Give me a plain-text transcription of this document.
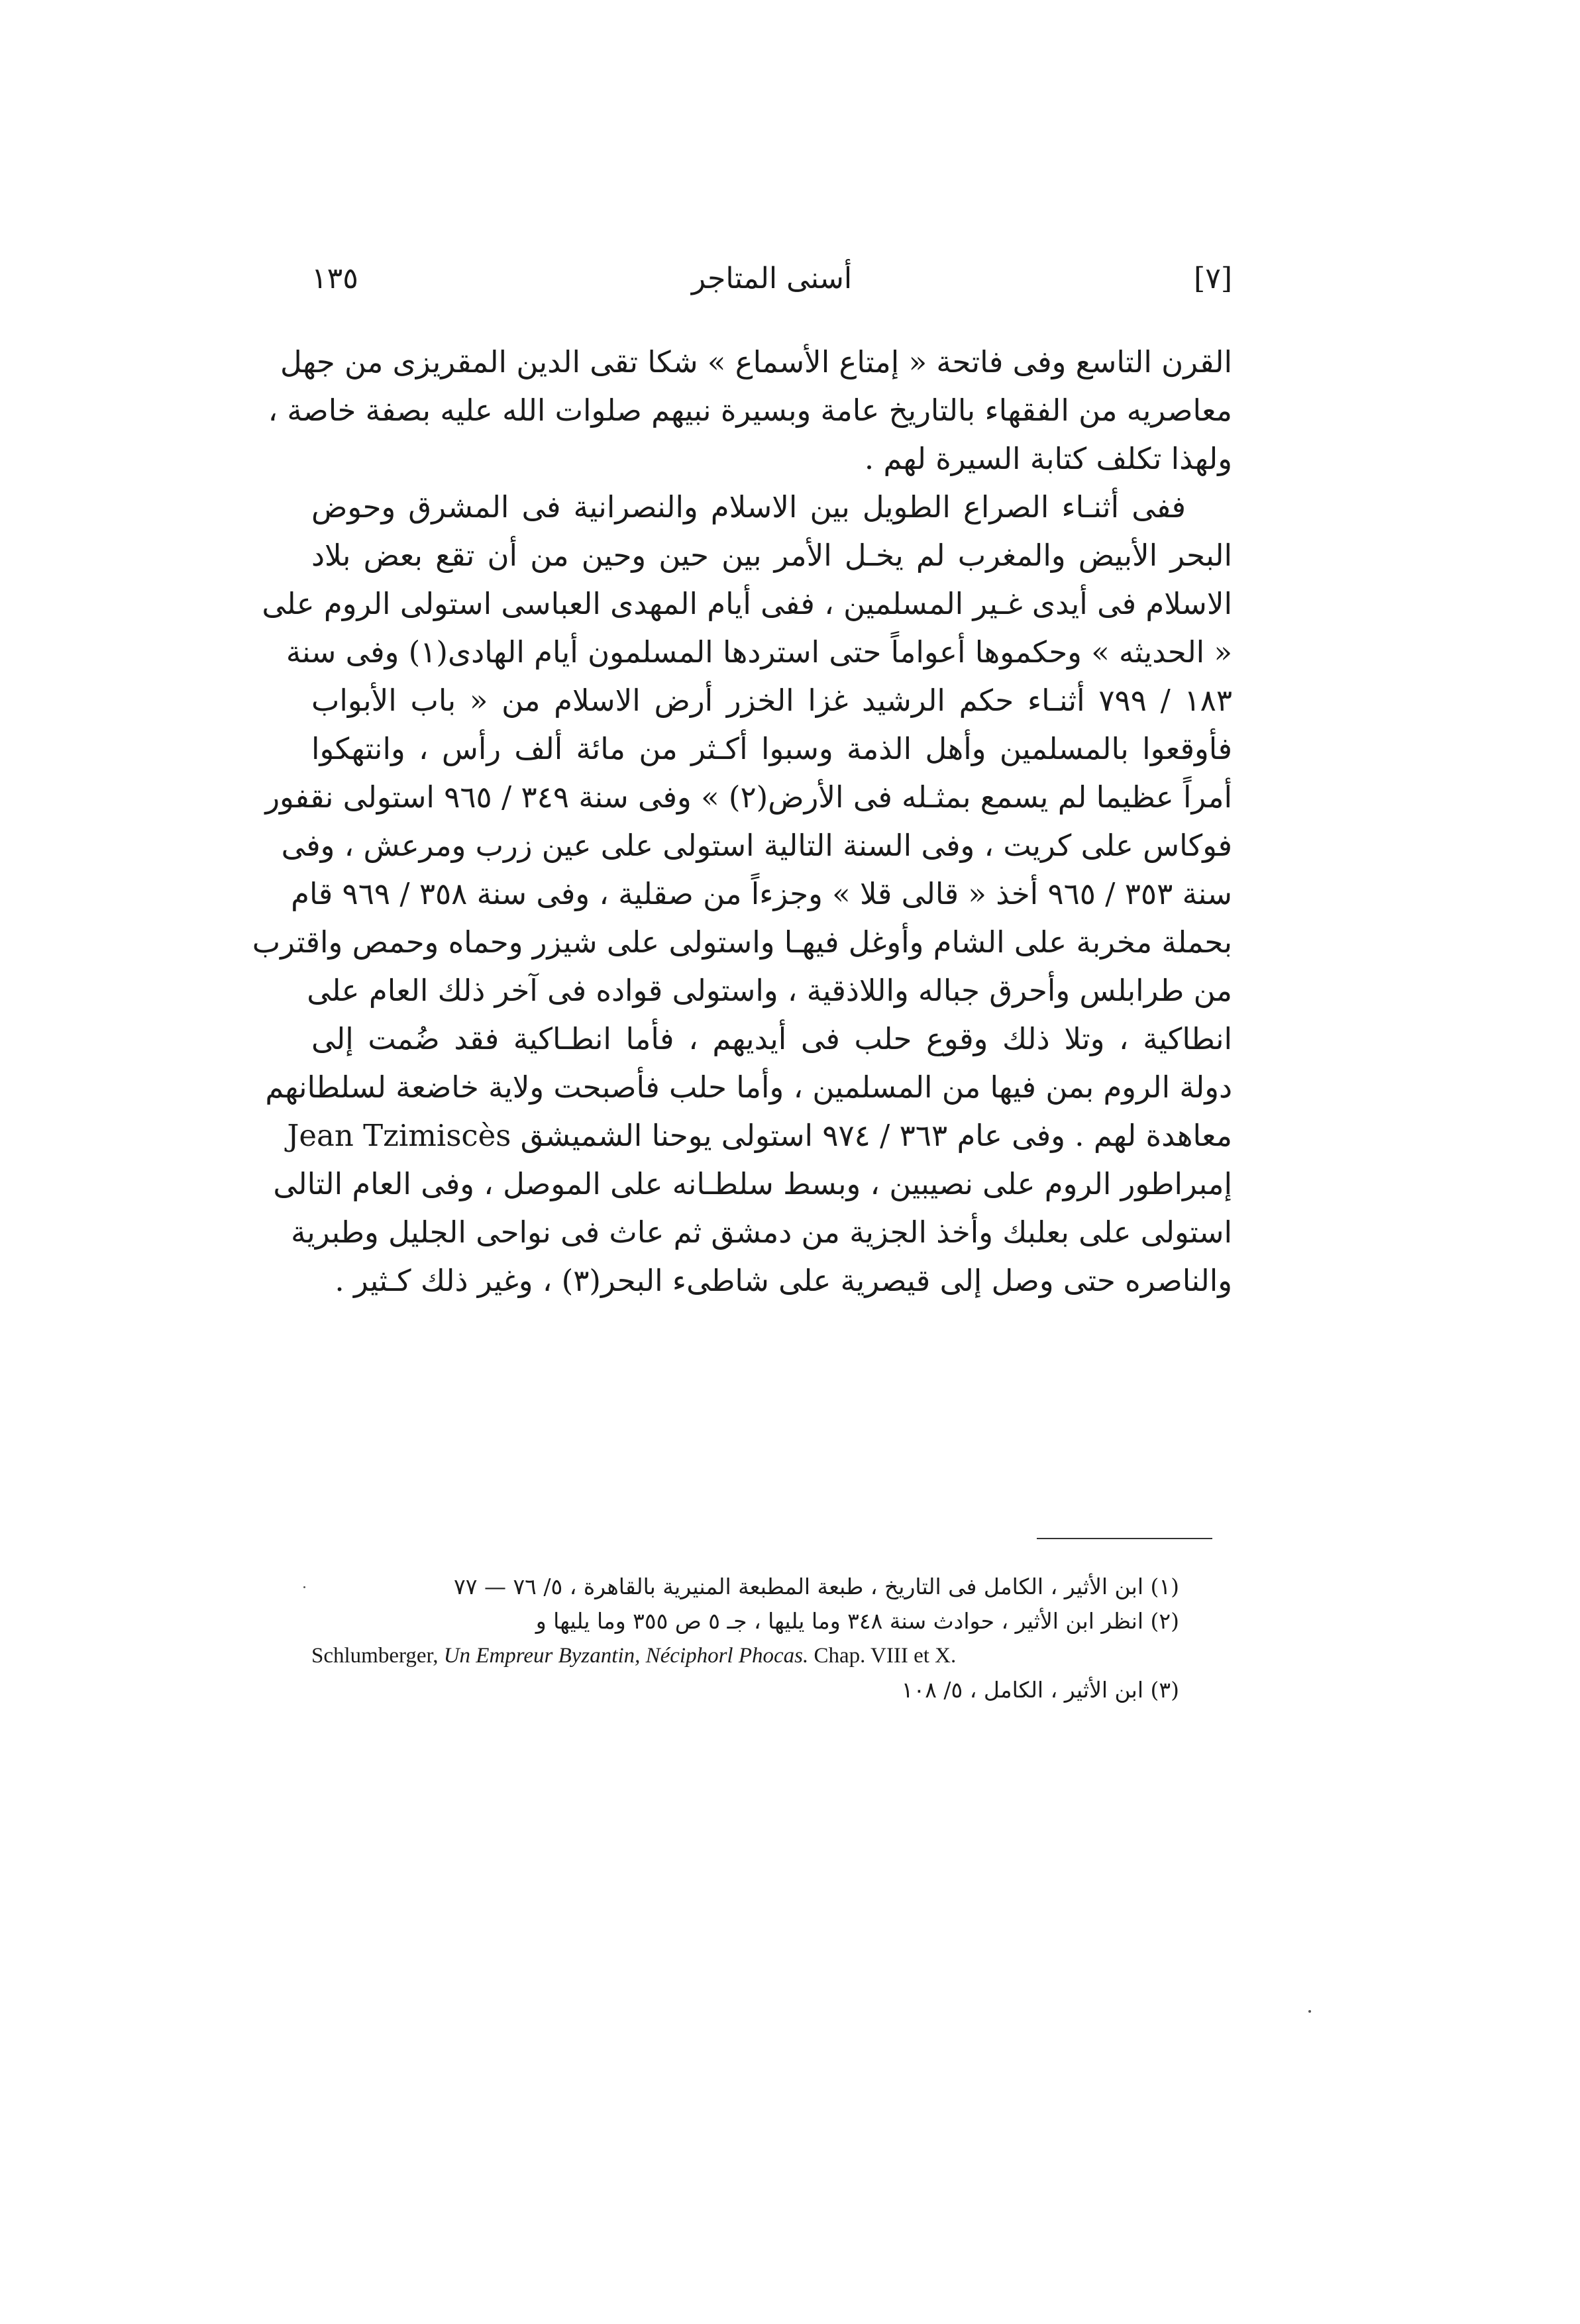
١٣٥	أسنى المتاجر	[٧]
القرن التاسع وفى فاتحة « إمتاع الأسماع » شكا تقى الدين المقريزى من جهل
معاصريه من الفقهاء بالتاريخ عامة وبسيرة نبيهم صلوات الله عليه بصفة خاصة ،
ولهذا تكلف كتابة السيرة لهم .
ففى أثنـاء الصراع الطويل بين الاسلام والنصرانية فى المشرق وحوض
البحر الأبيض والمغرب لم يخـل الأمر بين حين وحين من أن تقع بعض بلاد
الاسلام فى أيدى غـير المسلمين ، ففى أيام المهدى العباسى استولى الروم على
« الحديثه » وحكموها أعواماً حتى استردها المسلمون أيام الهادى(١) وفى سنة
١٨٣ / ٧٩٩ أثنـاء حكم الرشيد غزا الخزر أرض الاسلام من « باب الأبواب
فأوقعوا بالمسلمين وأهل الذمة وسبوا أكـثر من مائة ألف رأس ، وانتهكوا
أمراً عظيما لم يسمع بمثـله فى الأرض(٢) » وفى سنة ٣٤٩ / ٩٦٥ استولى نقفور
فوكاس على كريت ، وفى السنة التالية استولى على عين زرب ومرعش ، وفى
سنة ٣٥٣ / ٩٦٥ أخذ « قالى قلا » وجزءاً من صقلية ، وفى سنة ٣٥٨ / ٩٦٩ قام
بحملة مخربة على الشام وأوغل فيهـا واستولى على شيزر وحماه وحمص واقترب
من طرابلس وأحرق جباله واللاذقية ، واستولى قواده فى آخر ذلك العام على
انطاكية ، وتلا ذلك وقوع حلب فى أيديهم ، فأما انطـاكية فقد ضُمت إلى
دولة الروم بمن فيها من المسلمين ، وأما حلب فأصبحت ولاية خاضعة لسلطانهم
معاهدة لهم . وفى عام ٣٦٣ / ٩٧٤ استولى يوحنا الشميشق Jean Tzimiscès
إمبراطور الروم على نصيبين ، وبسط سلطـانه على الموصل ، وفى العام التالى
استولى على بعلبك وأخذ الجزية من دمشق ثم عاث فى نواحى الجليل وطبرية
والناصره حتى وصل إلى قيصرية على شاطىء البحر(٣) ، وغير ذلك كـثير .
(١) ابن الأثير ، الكامل فى التاريخ ، طبعة المطبعة المنيرية بالقاهرة ، ٥/ ٧٦ — ٧٧
(٢) انظر ابن الأثير ، حوادث سنة ٣٤٨ وما يليها ، جـ ٥ ص ٣٥٥ وما يليها و
Schlumberger, Un Empreur Byzantin, Néciphorl Phocas. Chap. VIII et X.
(٣) ابن الأثير ، الكامل ، ٥/ ١٠٨
